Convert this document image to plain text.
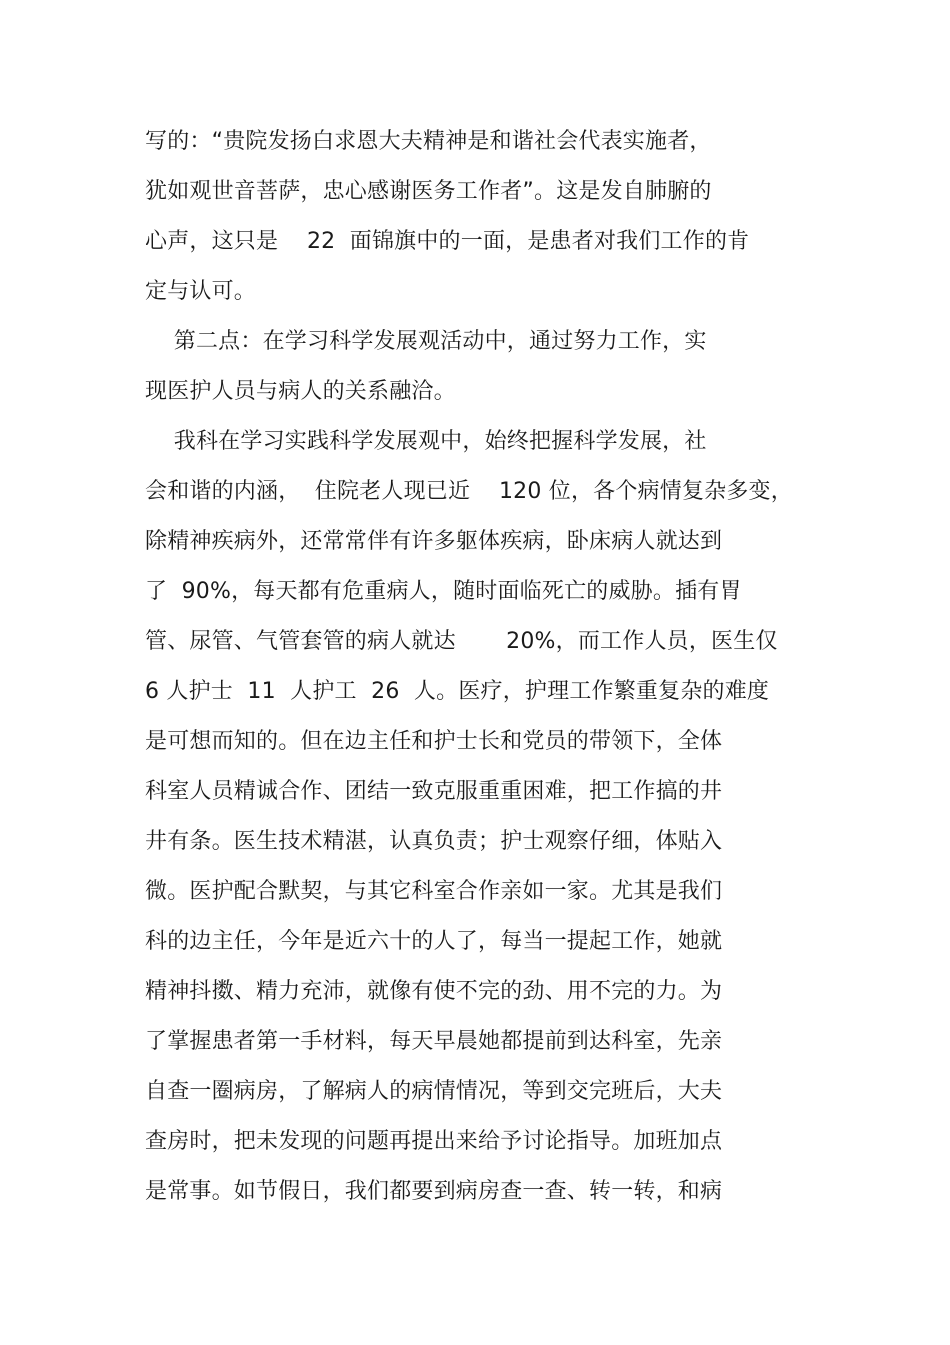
写的：“贵院发扬白求恩大夫精神是和谐社会代表实施者，

犹如观世音菩萨，忠心感谢医务工作者”。这是发自肺腑的

心声，这只是    22  面锦旗中的一面，是患者对我们工作的肯

定与认可。

第二点：在学习科学发展观活动中，通过努力工作，实

现医护人员与病人的关系融洽。

我科在学习实践科学发展观中，始终把握科学发展，社

会和谐的内涵，  住院老人现已近    120 位，各个病情复杂多变，

除精神疾病外，还常常伴有许多躯体疾病，卧床病人就达到

了  90%，每天都有危重病人，随时面临死亡的威胁。插有胃

管、尿管、气管套管的病人就达       20%，而工作人员，医生仅

6 人护士  11  人护工  26  人。医疗，护理工作繁重复杂的难度

是可想而知的。但在边主任和护士长和党员的带领下，全体

科室人员精诚合作、团结一致克服重重困难，把工作搞的井

井有条。医生技术精湛，认真负责；护士观察仔细，体贴入

微。医护配合默契，与其它科室合作亲如一家。尤其是我们

科的边主任，今年是近六十的人了，每当一提起工作，她就

精神抖擞、精力充沛，就像有使不完的劲、用不完的力。为

了掌握患者第一手材料，每天早晨她都提前到达科室，先亲

自查一圈病房，了解病人的病情情况，等到交完班后，大夫

查房时，把未发现的问题再提出来给予讨论指导。加班加点

是常事。如节假日，我们都要到病房查一查、转一转，和病
